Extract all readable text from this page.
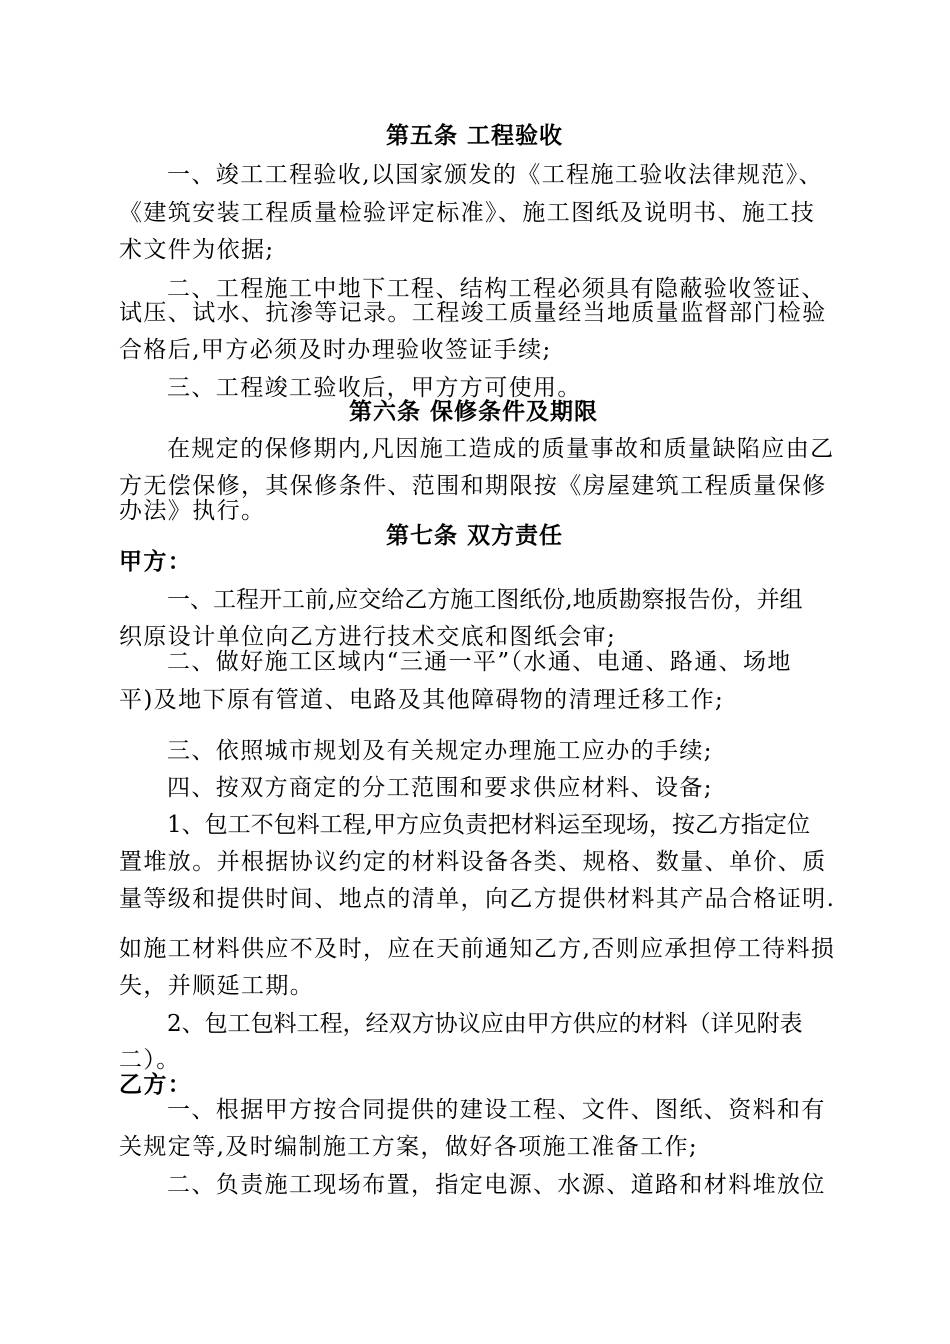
第五条 工程验收
一、竣工工程验收,以国家颁发的《工程施工验收法律规范》、
《建筑安装工程质量检验评定标准》、施工图纸及说明书、施工技
术文件为依据;
二、工程施工中地下工程、结构工程必须具有隐蔽验收签证、
试压、试水、抗渗等记录。工程竣工质量经当地质量监督部门检验
合格后,甲方必须及时办理验收签证手续;
三、工程竣工验收后，甲方方可使用。
第六条 保修条件及期限
在规定的保修期内,凡因施工造成的质量事故和质量缺陷应由乙
方无偿保修，其保修条件、范围和期限按《房屋建筑工程质量保修
办法》执行。
第七条 双方责任
甲方：
一、工程开工前,应交给乙方施工图纸份,地质勘察报告份，并组
织原设计单位向乙方进行技术交底和图纸会审;
二、做好施工区域内“三通一平”（水通、电通、路通、场地
平)及地下原有管道、电路及其他障碍物的清理迁移工作;
三、依照城市规划及有关规定办理施工应办的手续;
四、按双方商定的分工范围和要求供应材料、设备;
1、包工不包料工程,甲方应负责把材料运至现场，按乙方指定位
置堆放。并根据协议约定的材料设备各类、规格、数量、单价、质
量等级和提供时间、地点的清单，向乙方提供材料其产品合格证明.
如施工材料供应不及时，应在天前通知乙方,否则应承担停工待料损
失，并顺延工期。
2、包工包料工程，经双方协议应由甲方供应的材料（详见附表
二）。
乙方：
一、根据甲方按合同提供的建设工程、文件、图纸、资料和有
关规定等,及时编制施工方案，做好各项施工准备工作;
二、负责施工现场布置，指定电源、水源、道路和材料堆放位
